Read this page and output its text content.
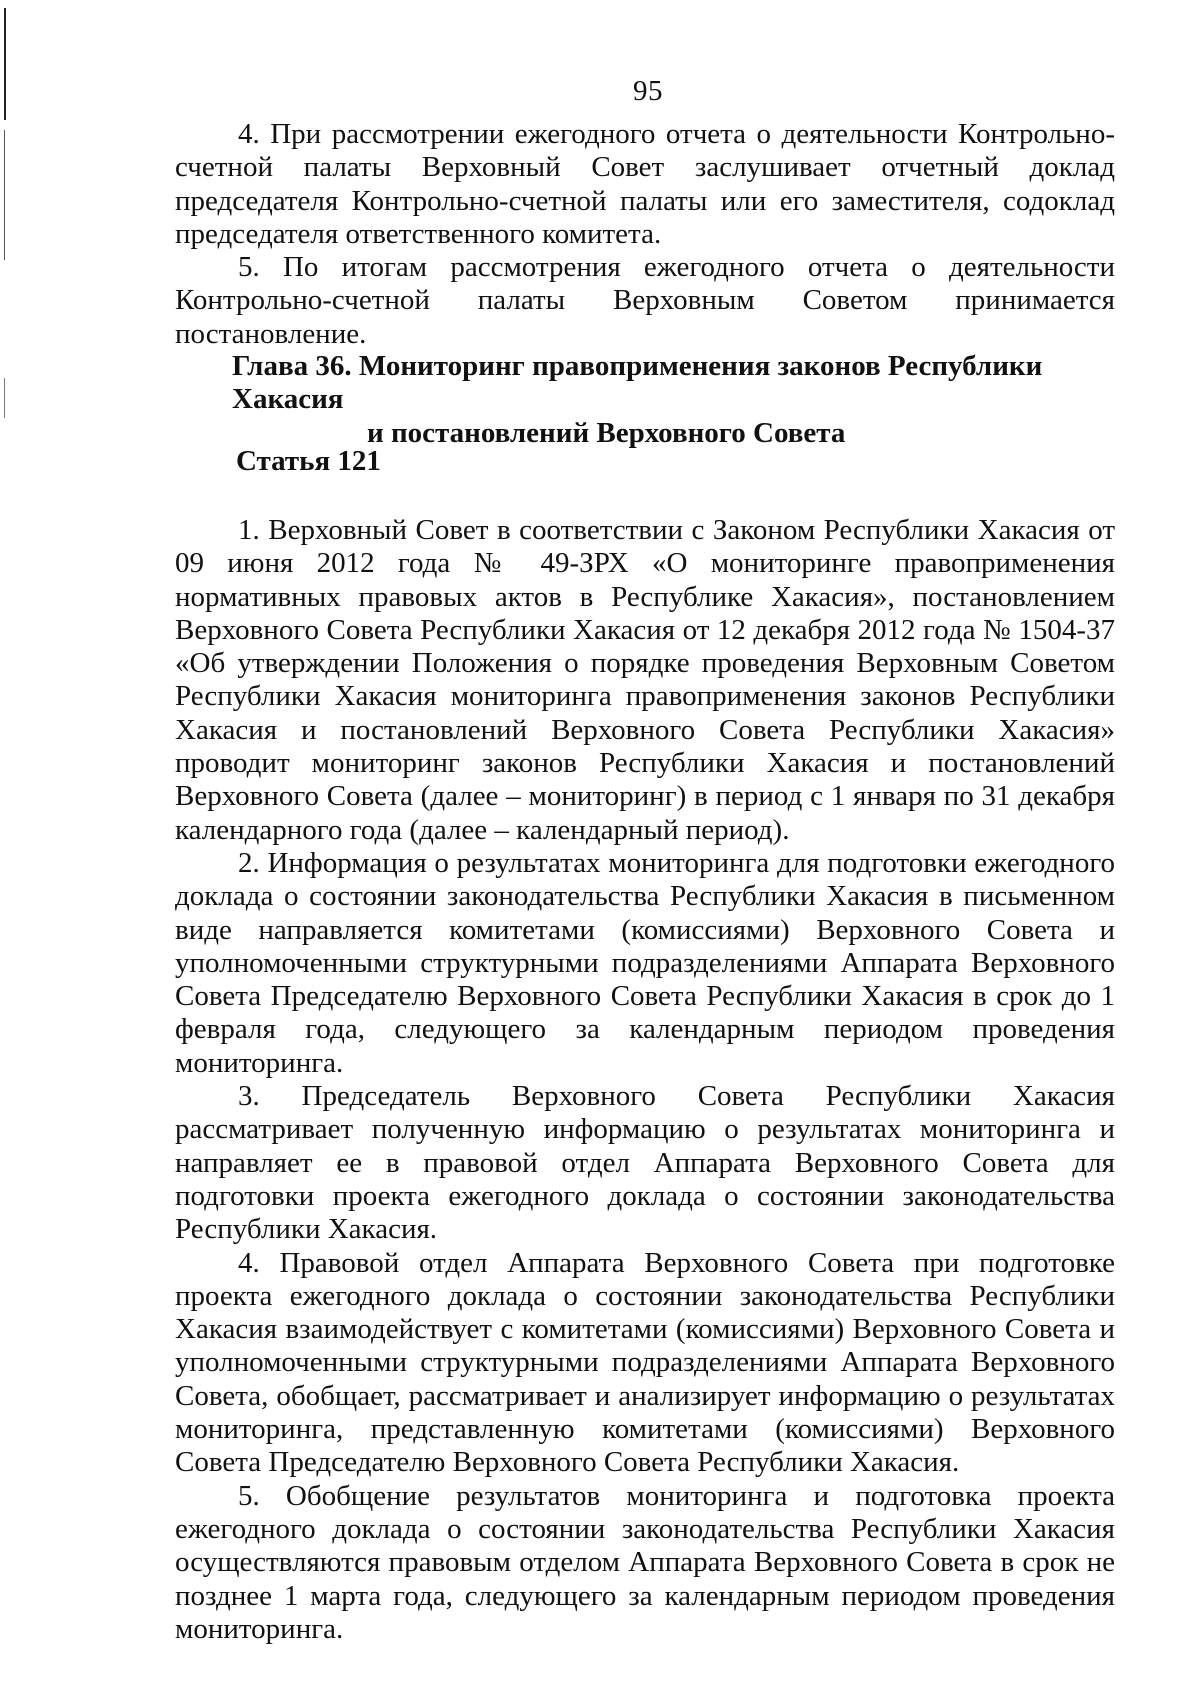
95

4. При рассмотрении ежегодного отчета о деятельности Контрольно-счетной палаты Верховный Совет заслушивает отчетный доклад председателя Контрольно-счетной палаты или его заместителя, содоклад председателя ответственного комитета.

5. По итогам рассмотрения ежегодного отчета о деятельности Контрольно-счетной палаты Верховным Советом принимается постановление.

Глава 36. Мониторинг правоприменения законов Республики Хакасия
и постановлений Верховного Совета
Статья 121

1. Верховный Совет в соответствии с Законом Республики Хакасия от 09 июня 2012 года № 49-ЗРХ «О мониторинге правоприменения нормативных правовых актов в Республике Хакасия», постановлением Верховного Совета Республики Хакасия от 12 декабря 2012 года № 1504-37 «Об утверждении Положения о порядке проведения Верховным Советом Республики Хакасия мониторинга правоприменения законов Республики Хакасия и постановлений Верховного Совета Республики Хакасия» проводит мониторинг законов Республики Хакасия и постановлений Верховного Совета (далее – мониторинг) в период с 1 января по 31 декабря календарного года (далее – календарный период).

2. Информация о результатах мониторинга для подготовки ежегодного доклада о состоянии законодательства Республики Хакасия в письменном виде направляется комитетами (комиссиями) Верховного Совета и уполномоченными структурными подразделениями Аппарата Верховного Совета Председателю Верховного Совета Республики Хакасия в срок до 1 февраля года, следующего за календарным периодом проведения мониторинга.

3. Председатель Верховного Совета Республики Хакасия рассматривает полученную информацию о результатах мониторинга и направляет ее в правовой отдел Аппарата Верховного Совета для подготовки проекта ежегодного доклада о состоянии законодательства Республики Хакасия.

4. Правовой отдел Аппарата Верховного Совета при подготовке проекта ежегодного доклада о состоянии законодательства Республики Хакасия взаимодействует с комитетами (комиссиями) Верховного Совета и уполномоченными структурными подразделениями Аппарата Верховного Совета, обобщает, рассматривает и анализирует информацию о результатах мониторинга, представленную комитетами (комиссиями) Верховного Совета Председателю Верховного Совета Республики Хакасия.

5. Обобщение результатов мониторинга и подготовка проекта ежегодного доклада о состоянии законодательства Республики Хакасия осуществляются правовым отделом Аппарата Верховного Совета в срок не позднее 1 марта года, следующего за календарным периодом проведения мониторинга.
